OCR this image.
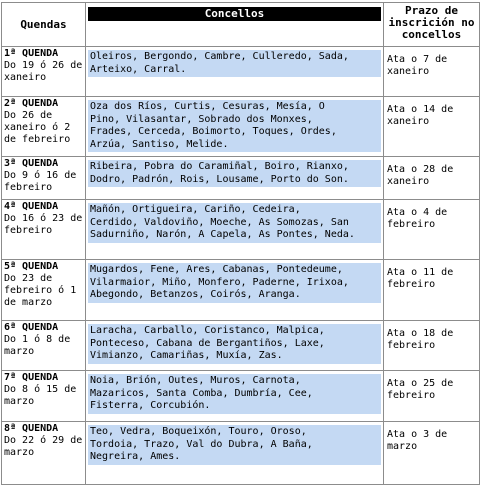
Quendas	Concellos	Prazo de
inscrición no
concellos

1ª QUENDA
Do 19 ó 26 de xaneiro	Oleiros, Bergondo, Cambre, Culleredo, Sada,
Arteixo, Carral.	Ata o 7 de xaneiro

2ª QUENDA
Do 26 de xaneiro ó 2 de febreiro	Oza dos Ríos, Curtis, Cesuras, Mesía, O
Pino, Vilasantar, Sobrado dos Monxes,
Frades, Cerceda, Boimorto, Toques, Ordes,
Arzúa, Santiso, Melide.	Ata o 14 de xaneiro

3ª QUENDA
Do 9 ó 16 de febreiro	Ribeira, Pobra do Caramiñal, Boiro, Rianxo,
Dodro, Padrón, Rois, Lousame, Porto do Son.	Ata o 28 de xaneiro

4ª QUENDA
Do 16 ó 23 de febreiro	Mañón, Ortigueira, Cariño, Cedeira,
Cerdido, Valdoviño, Moeche, As Somozas, San
Sadurniño, Narón, A Capela, As Pontes, Neda.	Ata o 4 de febreiro

5ª QUENDA
Do 23 de febreiro ó 1 de marzo	Mugardos, Fene, Ares, Cabanas, Pontedeume,
Vilarmaior, Miño, Monfero, Paderne, Irixoa,
Abegondo, Betanzos, Coirós, Aranga.	Ata o 11 de febreiro

6ª QUENDA
Do 1 ó 8 de marzo	Laracha, Carballo, Coristanco, Malpica,
Ponteceso, Cabana de Bergantiños, Laxe,
Vimianzo, Camariñas, Muxía, Zas.	Ata o 18 de febreiro

7ª QUENDA
Do 8 ó 15 de marzo	Noia, Brión, Outes, Muros, Carnota,
Mazaricos, Santa Comba, Dumbría, Cee,
Fisterra, Corcubión.	Ata o 25 de febreiro

8ª QUENDA
Do 22 ó 29 de marzo	Teo, Vedra, Boqueixón, Touro, Oroso,
Tordoia, Trazo, Val do Dubra, A Baña,
Negreira, Ames.	Ata o 3 de marzo
